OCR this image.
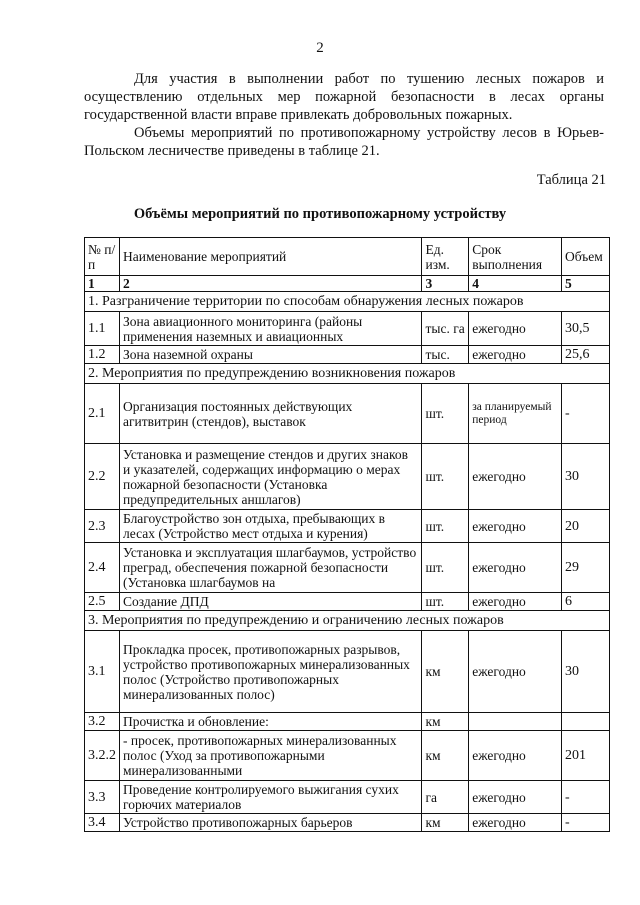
2

Для участия в выполнении работ по тушению лесных пожаров и осуществлению отдельных мер пожарной безопасности в лесах органы государственной власти вправе привлекать добровольных пожарных.

Объемы мероприятий по противопожарному устройству лесов в Юрьев-Польском лесничестве приведены в таблице 21.

Таблица 21
Объёмы мероприятий по противопожарному устройству
№ п/п	Наименование мероприятий	Ед. изм.	Срок выполнения	Объем
1	2	3	4	5
1. Разграничение территории по способам обнаружения лесных пожаров				
1.1	Зона авиационного мониторинга (районы применения наземных и авиационных	тыс. га	ежегодно	30,5
1.2	Зона наземной охраны	тыс.	ежегодно	25,6
2. Мероприятия по предупреждению возникновения пожаров				
2.1	Организация постоянных действующих агитвитрин (стендов), выставок	шт.	за планируемый период	-
2.2	Установка и размещение стендов и других знаков и указателей, содержащих информацию о мерах пожарной безопасности (Установка предупредительных аншлагов)	шт.	ежегодно	30
2.3	Благоустройство зон отдыха, пребывающих в лесах (Устройство мест отдыха и курения)	шт.	ежегодно	20
2.4	Установка и эксплуатация шлагбаумов, устройство преград, обеспечения пожарной безопасности (Установка шлагбаумов на	шт.	ежегодно	29
2.5	Создание ДПД	шт.	ежегодно	6
3. Мероприятия по предупреждению и ограничению лесных пожаров				
3.1	Прокладка просек, противопожарных разрывов, устройство противопожарных минерализованных полос (Устройство противопожарных минерализованных полос)	км	ежегодно	30
3.2	Прочистка и обновление:	км		
3.2.2	- просек, противопожарных минерализованных полос (Уход за противопожарными минерализованными	км	ежегодно	201
3.3	Проведение контролируемого выжигания сухих горючих материалов	га	ежегодно	-
3.4	Устройство противопожарных барьеров	км	ежегодно	-
